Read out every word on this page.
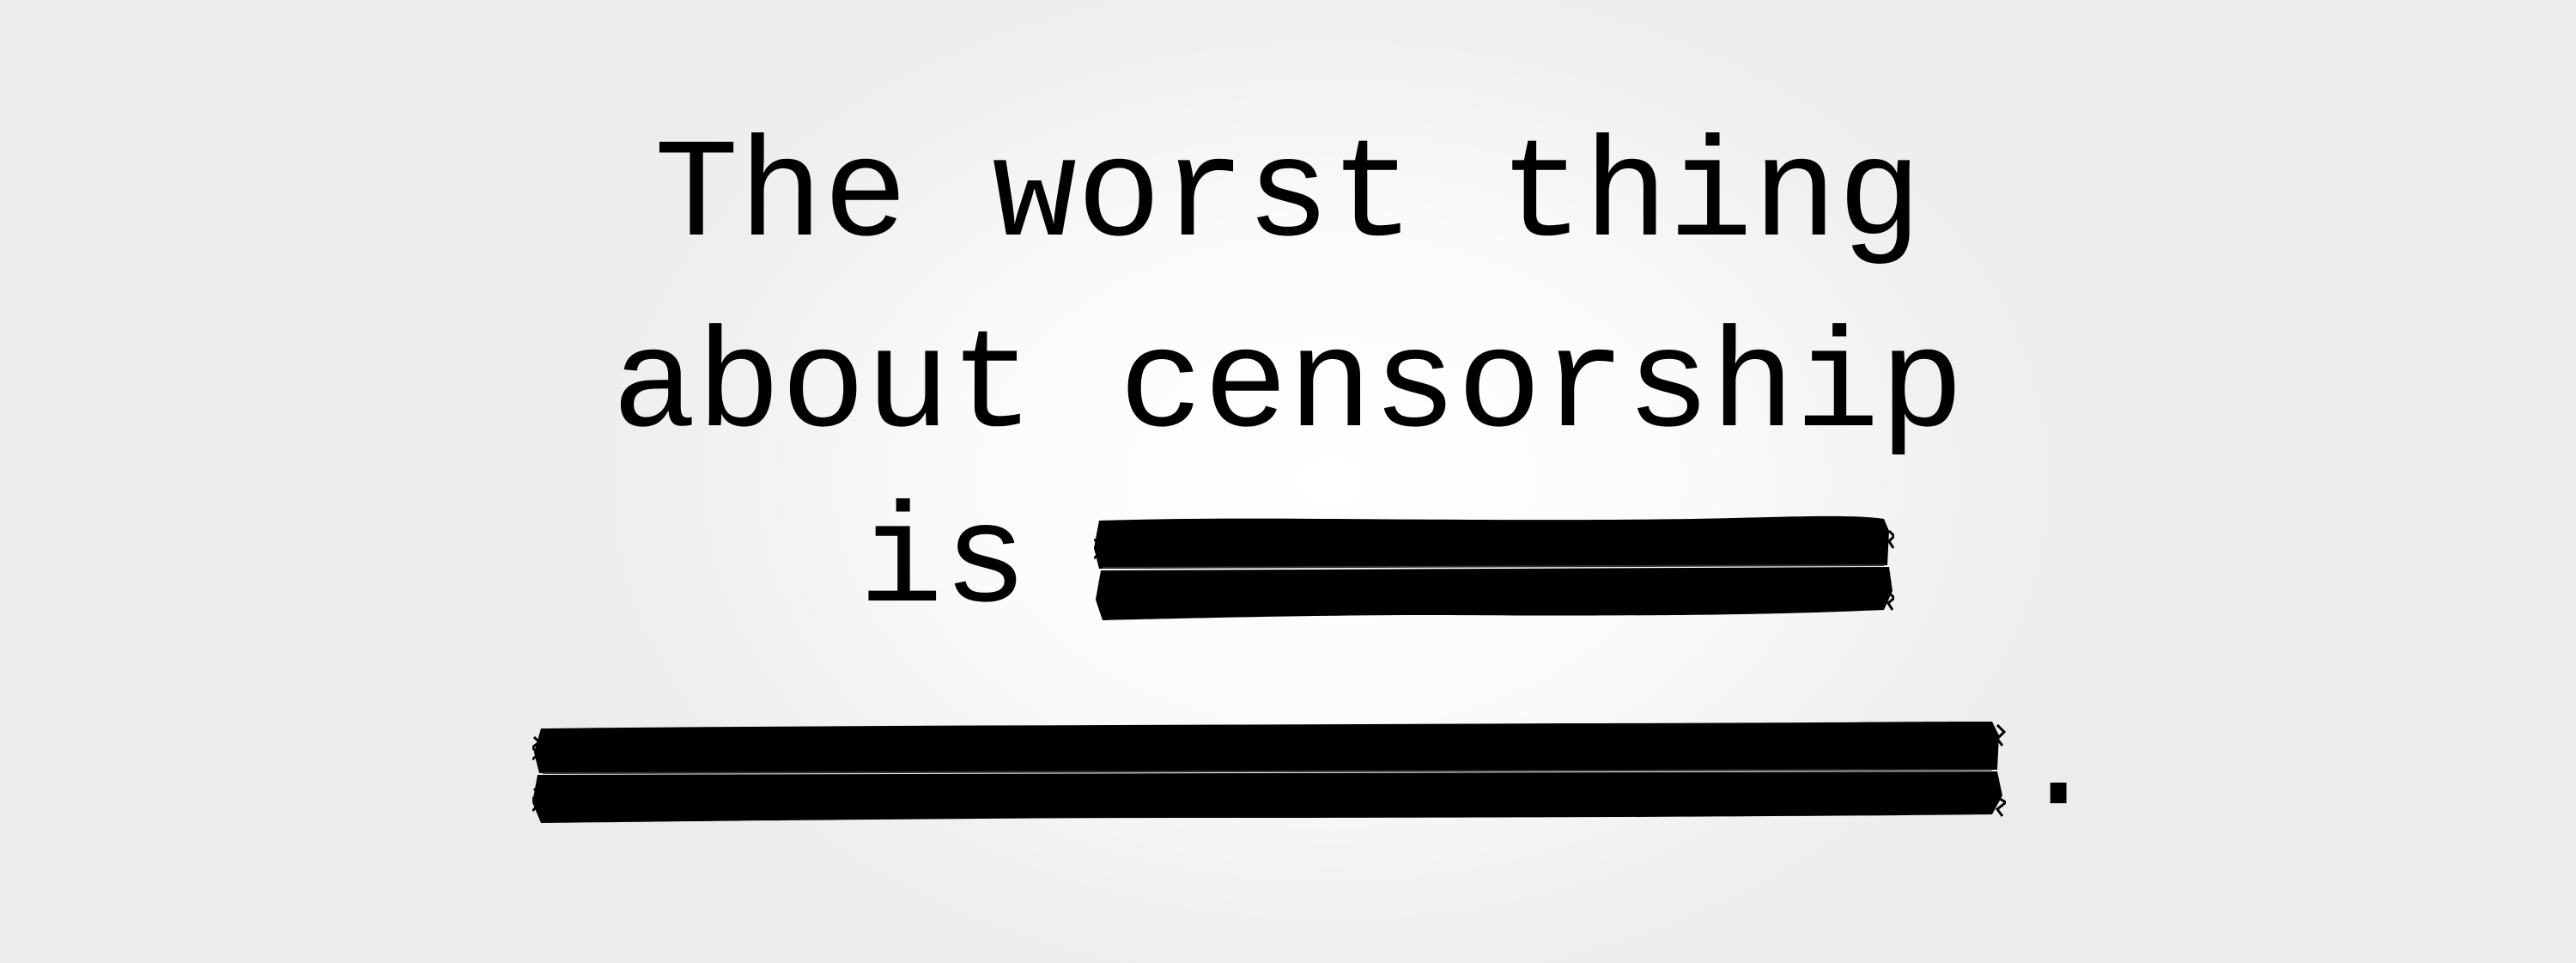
The worst thing
about censorship
is
.
